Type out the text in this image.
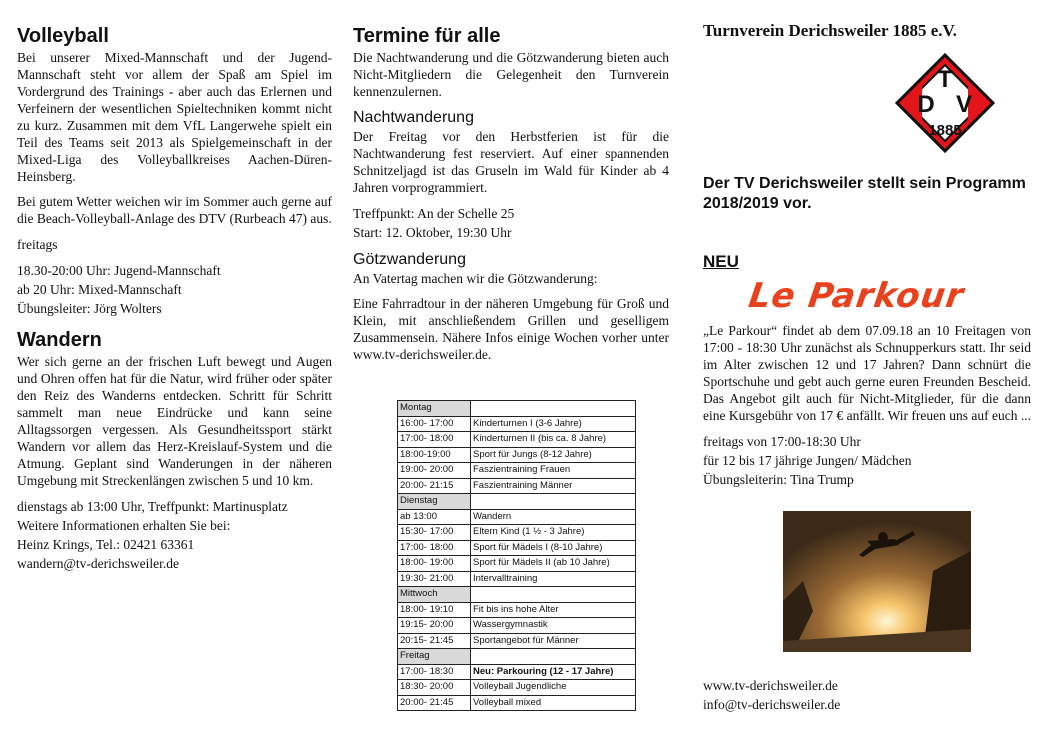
Volleyball

Bei unserer Mixed-Mannschaft und der Jugend-Mannschaft steht vor allem der Spaß am Spiel im Vordergrund des Trainings - aber auch das Erlernen und Verfeinern der wesentlichen Spieltechniken kommt nicht zu kurz. Zusammen mit dem VfL Langerwehe spielt ein Teil des Teams seit 2013 als Spielgemeinschaft in der Mixed-Liga des Volleyballkreises Aachen-Düren-Heinsberg.

Bei gutem Wetter weichen wir im Sommer auch gerne auf die Beach-Volleyball-Anlage des DTV (Rurbeach 47) aus.

freitags
18.30-20:00 Uhr: Jugend-Mannschaft
ab 20 Uhr: Mixed-Mannschaft
Übungsleiter: Jörg Wolters
Wandern

Wer sich gerne an der frischen Luft bewegt und Augen und Ohren offen hat für die Natur, wird früher oder später den Reiz des Wanderns entdecken. Schritt für Schritt sammelt man neue Eindrücke und kann seine Alltagssorgen vergessen. Als Gesundheitssport stärkt Wandern vor allem das Herz-Kreislauf-System und die Atmung. Geplant sind Wanderungen in der näheren Umgebung mit Streckenlängen zwischen 5 und 10 km.

dienstags ab 13:00 Uhr, Treffpunkt: Martinusplatz
Weitere Informationen erhalten Sie bei:
Heinz Krings, Tel.: 02421 63361
wandern@tv-derichsweiler.de
Termine für alle

Die Nachtwanderung und die Götzwanderung bieten auch Nicht-Mitgliedern die Gelegenheit den Turnverein kennenzulernen.

Nachtwanderung

Der Freitag vor den Herbstferien ist für die Nachtwanderung fest reserviert. Auf einer spannenden Schnitzeljagd ist das Gruseln im Wald für Kinder ab 4 Jahren vorprogrammiert.

Treffpunkt: An der Schelle 25
Start: 12. Oktober, 19:30 Uhr
Götzwanderung

An Vatertag machen wir die Götzwanderung:

Eine Fahrradtour in der näheren Umgebung für Groß und Klein, mit anschließendem Grillen und geselligem Zusammensein. Nähere Infos einige Wochen vorher unter www.tv-derichsweiler.de.

Montag	
16:00- 17:00	Kinderturnen I (3-6 Jahre)
17:00- 18:00	Kinderturnen II (bis ca. 8 Jahre)
18:00-19:00	Sport für Jungs (8-12 Jahre)
19:00- 20:00	Faszientraining Frauen
20:00- 21:15	Faszientraining Männer
Dienstag	
ab 13:00	Wandern
15:30- 17:00	Eltern Kind (1 ½ - 3 Jahre)
17:00- 18:00	Sport für Mädels I (8-10 Jahre)
18:00- 19:00	Sport für Mädels II (ab 10 Jahre)
19:30- 21:00	Intervalltraining
Mittwoch	
18:00- 19:10	Fit bis ins hohe Alter
19:15- 20:00	Wassergymnastik
20:15- 21:45	Sportangebot für Männer
Freitag	
17:00- 18:30	Neu: Parkouring (12 - 17 Jahre)
18:30- 20:00	Volleyball Jugendliche
20:00- 21:45	Volleyball mixed
Turnverein Derichsweiler 1885 e.V.
T
D V
1885
Der TV Derichsweiler stellt sein Programm 2018/2019 vor.
NEU
Le Parkour

„Le Parkour“ findet ab dem 07.09.18 an 10 Freitagen von 17:00 - 18:30 Uhr zunächst als Schnupperkurs statt. Ihr seid im Alter zwischen 12 und 17 Jahren? Dann schnürt die Sportschuhe und gebt auch gerne euren Freunden Bescheid. Das Angebot gilt auch für Nicht-Mitglieder, für die dann eine Kursgebühr von 17 € anfällt. Wir freuen uns auf euch ...

freitags von 17:00-18:30 Uhr
für 12 bis 17 jährige Jungen/ Mädchen
Übungsleiterin: Tina Trump
www.tv-derichsweiler.de
info@tv-derichsweiler.de
